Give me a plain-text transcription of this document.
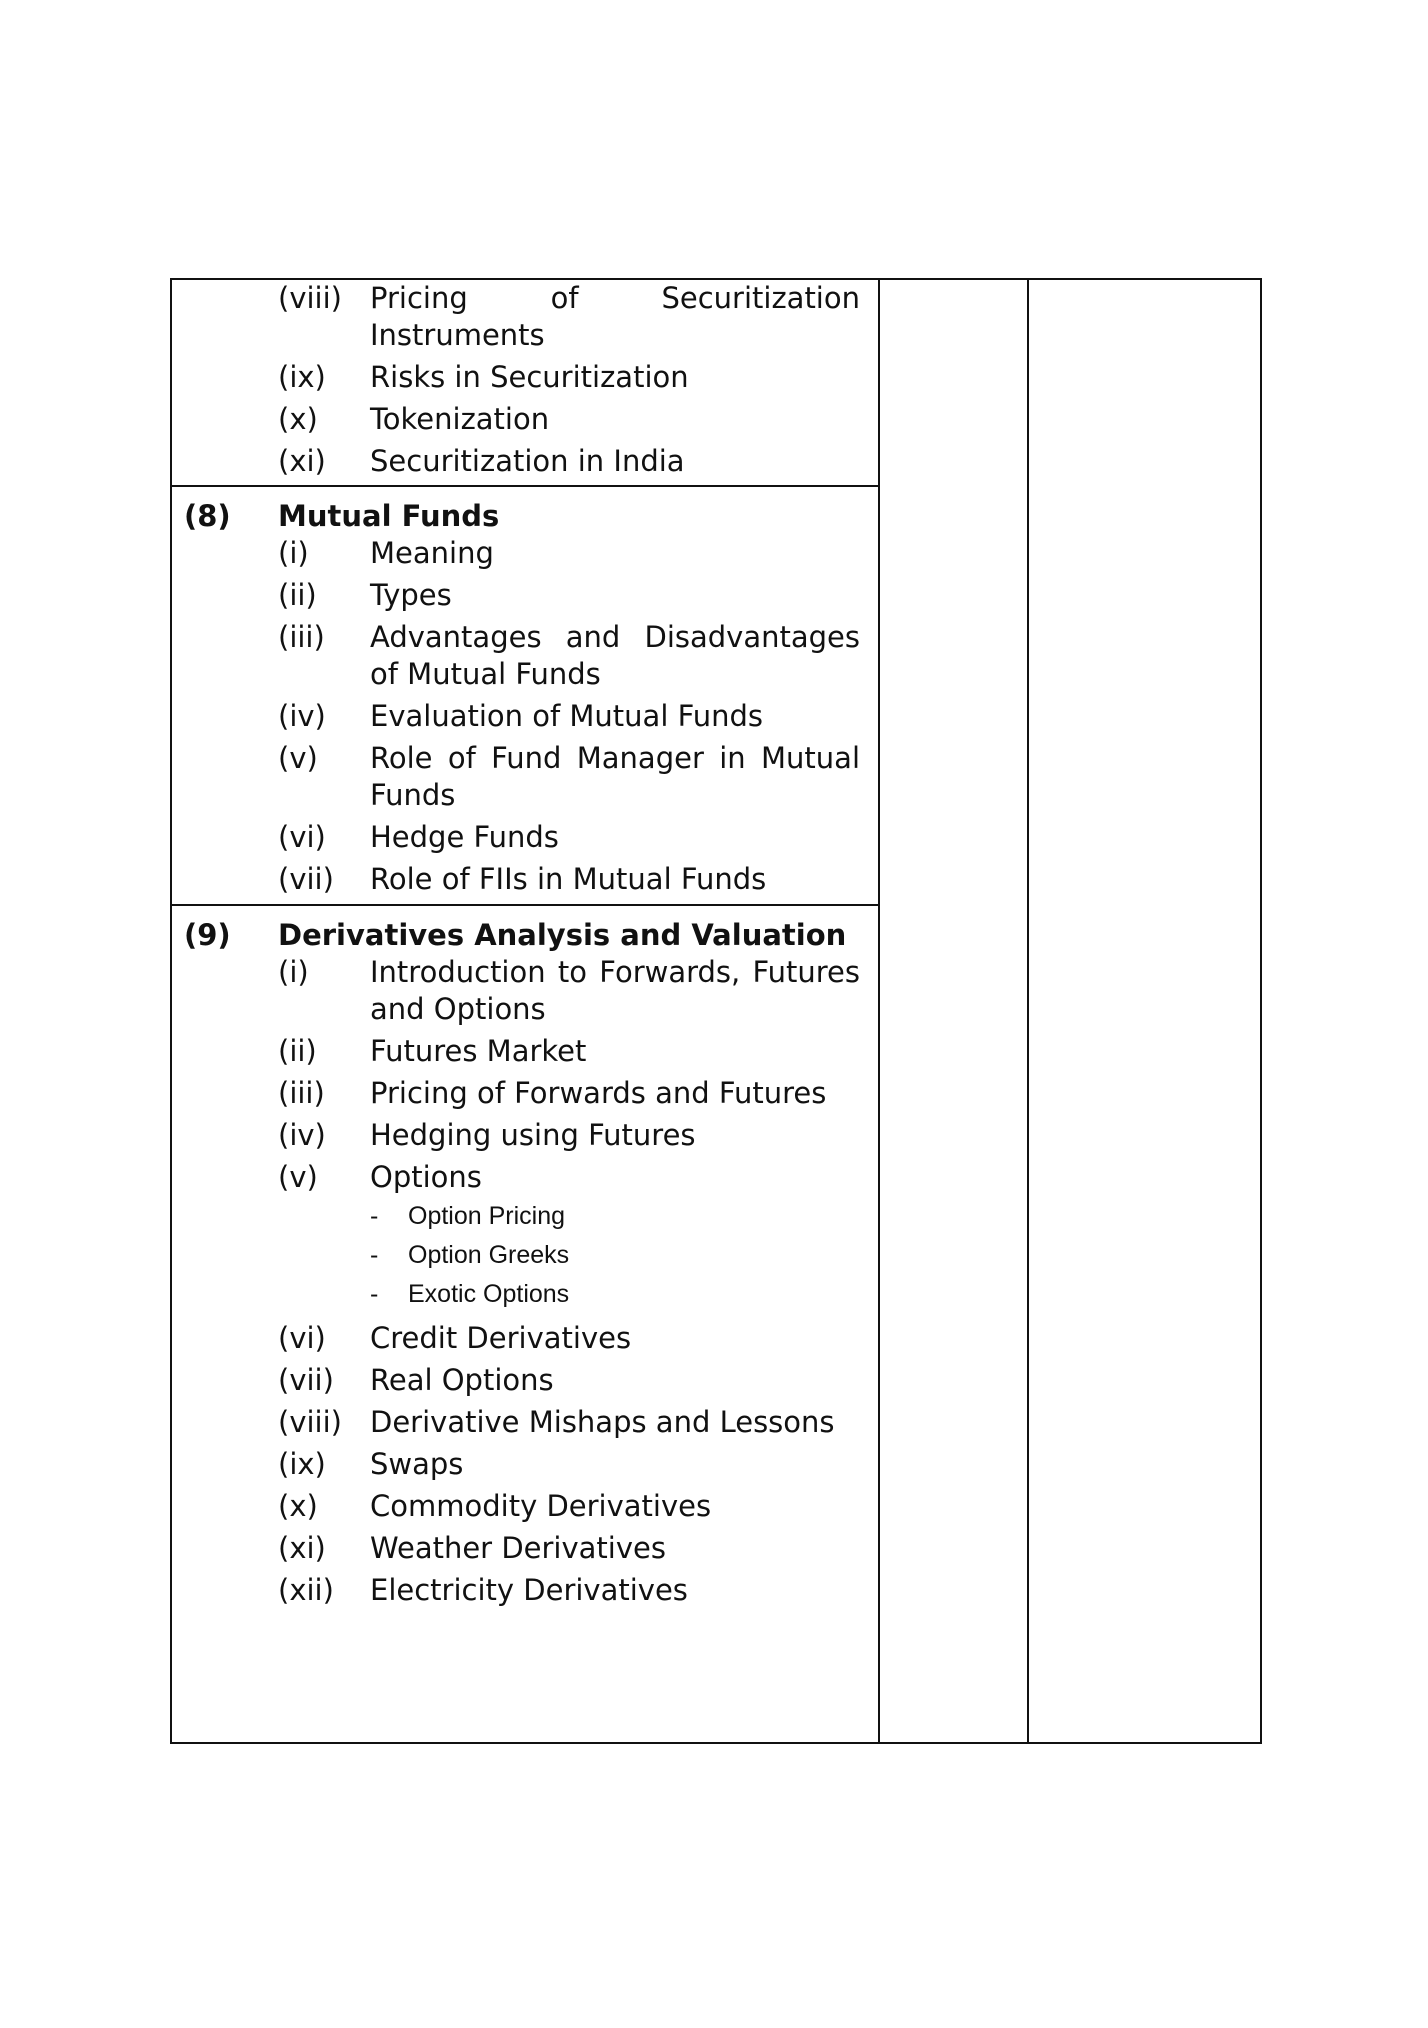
(viii) Pricing of Securitization Instruments
(ix) Risks in Securitization
(x) Tokenization
(xi) Securitization in India
(8) Mutual Funds
(i) Meaning
(ii) Types
(iii) Advantages and Disadvantages of Mutual Funds
(iv) Evaluation of Mutual Funds
(v) Role of Fund Manager in Mutual Funds
(vi) Hedge Funds
(vii) Role of FIIs in Mutual Funds
(9) Derivatives Analysis and Valuation
(i) Introduction to Forwards, Futures and Options
(ii) Futures Market
(iii) Pricing of Forwards and Futures
(iv) Hedging using Futures
(v) Options
- Option Pricing
- Option Greeks
- Exotic Options
(vi) Credit Derivatives
(vii) Real Options
(viii) Derivative Mishaps and Lessons
(ix) Swaps
(x) Commodity Derivatives
(xi) Weather Derivatives
(xii) Electricity Derivatives
